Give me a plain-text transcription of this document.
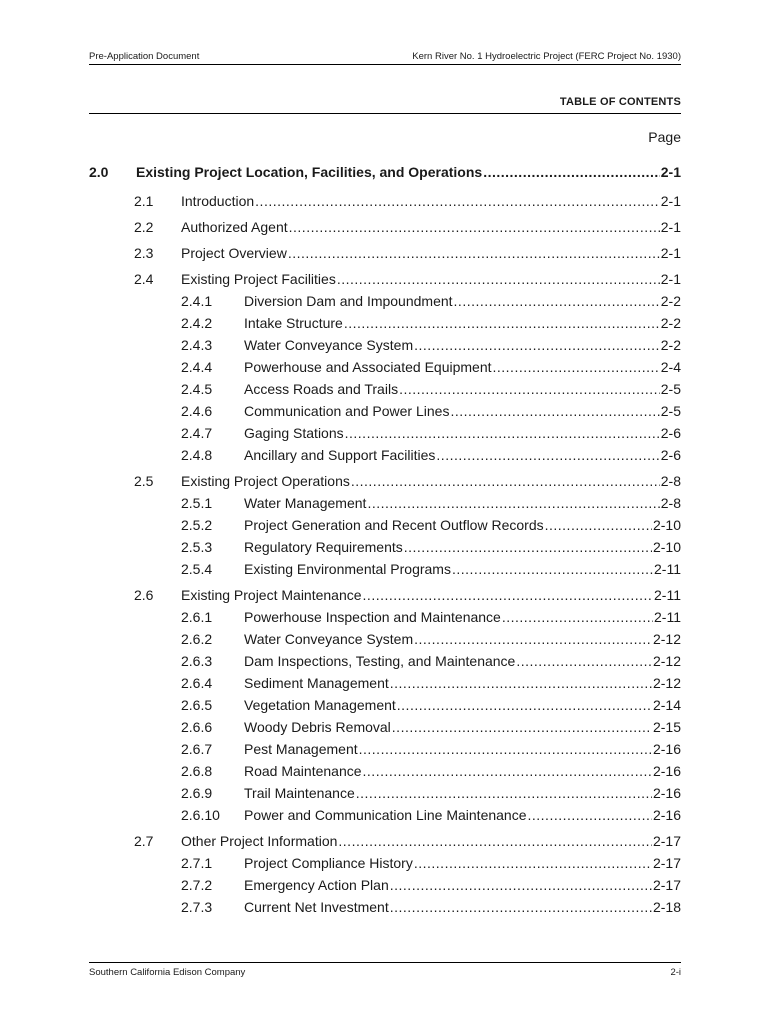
Pre-Application Document	Kern River No. 1 Hydroelectric Project (FERC Project No. 1930)
TABLE OF CONTENTS
Page
2.0	Existing Project Location, Facilities, and Operations .....	2-1
2.1	Introduction .....	2-1
2.2	Authorized Agent .....	2-1
2.3	Project Overview .....	2-1
2.4	Existing Project Facilities .....	2-1
2.4.1	Diversion Dam and Impoundment .....	2-2
2.4.2	Intake Structure .....	2-2
2.4.3	Water Conveyance System .....	2-2
2.4.4	Powerhouse and Associated Equipment .....	2-4
2.4.5	Access Roads and Trails .....	2-5
2.4.6	Communication and Power Lines .....	2-5
2.4.7	Gaging Stations .....	2-6
2.4.8	Ancillary and Support Facilities .....	2-6
2.5	Existing Project Operations .....	2-8
2.5.1	Water Management .....	2-8
2.5.2	Project Generation and Recent Outflow Records .....	2-10
2.5.3	Regulatory Requirements .....	2-10
2.5.4	Existing Environmental Programs .....	2-11
2.6	Existing Project Maintenance .....	2-11
2.6.1	Powerhouse Inspection and Maintenance .....	2-11
2.6.2	Water Conveyance System .....	2-12
2.6.3	Dam Inspections, Testing, and Maintenance .....	2-12
2.6.4	Sediment Management .....	2-12
2.6.5	Vegetation Management .....	2-14
2.6.6	Woody Debris Removal .....	2-15
2.6.7	Pest Management .....	2-16
2.6.8	Road Maintenance .....	2-16
2.6.9	Trail Maintenance .....	2-16
2.6.10	Power and Communication Line Maintenance .....	2-16
2.7	Other Project Information .....	2-17
2.7.1	Project Compliance History .....	2-17
2.7.2	Emergency Action Plan .....	2-17
2.7.3	Current Net Investment .....	2-18
Southern California Edison Company	2-i
